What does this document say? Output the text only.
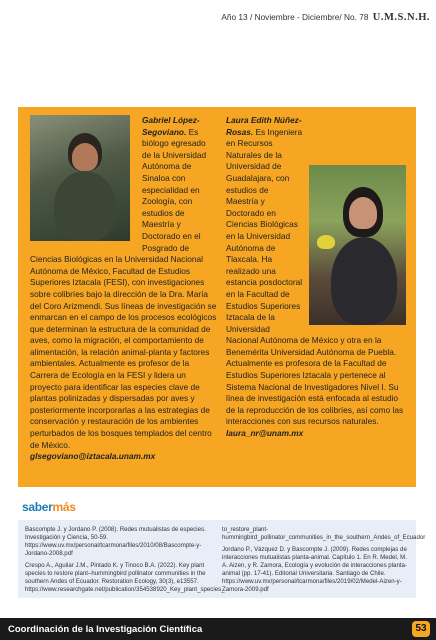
Año 13 / Noviembre - Diciembre/ No. 78 U.M.S.N.H.

Gabriel López-Segoviano. Es biólogo egresado de la Universidad Autónoma de Sinaloa con especialidad en Zoología, con estudios de Maestría y Doctorado en el Posgrado de Ciencias Biológicas en la Universidad Nacional Autónoma de México, Facultad de Estudios Superiores Iztacala (FESI), con investigaciones sobre colibríes bajo la dirección de la Dra. María del Coro Arizmendi. Sus líneas de investigación se enmarcan en el campo de los procesos ecológicos que determinan la estructura de la comunidad de aves, como la migración, el comportamiento de alimentación, la relación animal-planta y factores ambientales. Actualmente es profesor de la Carrera de Ecología en la FESI y lidera un proyecto para identificar las especies clave de plantas polinizadas y dispersadas por aves y posteriormente incorporarlas a las estrategias de conservación y restauración de los ambientes perturbados de los bosques templados del centro de México.

glsegoviano@iztacala.unam.mx

Laura Edith Núñez-Rosas. Es Ingeniera en Recursos Naturales de la Universidad de Guadalajara, con estudios de Maestría y Doctorado en Ciencias Biológicas en la Universidad Autónoma de Tlaxcala. Ha realizado una estancia posdoctoral en la Facultad de Estudios Superiores Iztacala de la Universidad Nacional Autónoma de México y otra en la Benemérita Universidad Autónoma de Puebla. Actualmente es profesora de la Facultad de Estudios Superiores Iztacala y pertenece al Sistema Nacional de Investigadores Nivel I. Su línea de investigación está enfocada al estudio de la reproducción de los colibríes, así como las interacciones con sus recursos naturales.

laura_nr@unam.mx

sabermás

Bascompte J. y Jordano P. (2008). Redes mutualistas de especies. Investigación y Ciencia, 50-59. https://www.uv.mx/personal/tcarmona/files/2010/08/Bascompte-y-Jordano-2008.pdf

Crespo A., Aguilar J.M., Pintado K. y Tinoco B.A. (2022). Key plant species to restore plant–hummingbird pollinator communities in the southern Andes of Ecuador. Restoration Ecology, 30(3), e13557. https://www.researchgate.net/publication/354538920_Key_plant_species_

to_restore_plant-hummingbird_pollinator_communities_in_the_southern_Andes_of_Ecuador

Jordano P., Vázquez D. y Bascompte J. (2009). Redes complejas de interacciones mutualistas planta-animal. Capítulo 1. En R. Medel, M. A. Aizen, y R. Zamora, Ecología y evolución de interacciones planta-animal (pp. 17-41). Editorial Universitaria. Santiago de Chile. https://www.uv.mx/personal/tcarmona/files/2019/02/Medel-Aizen-y-Zamora-2009.pdf

Coordinación de la Investigación Científica	53
